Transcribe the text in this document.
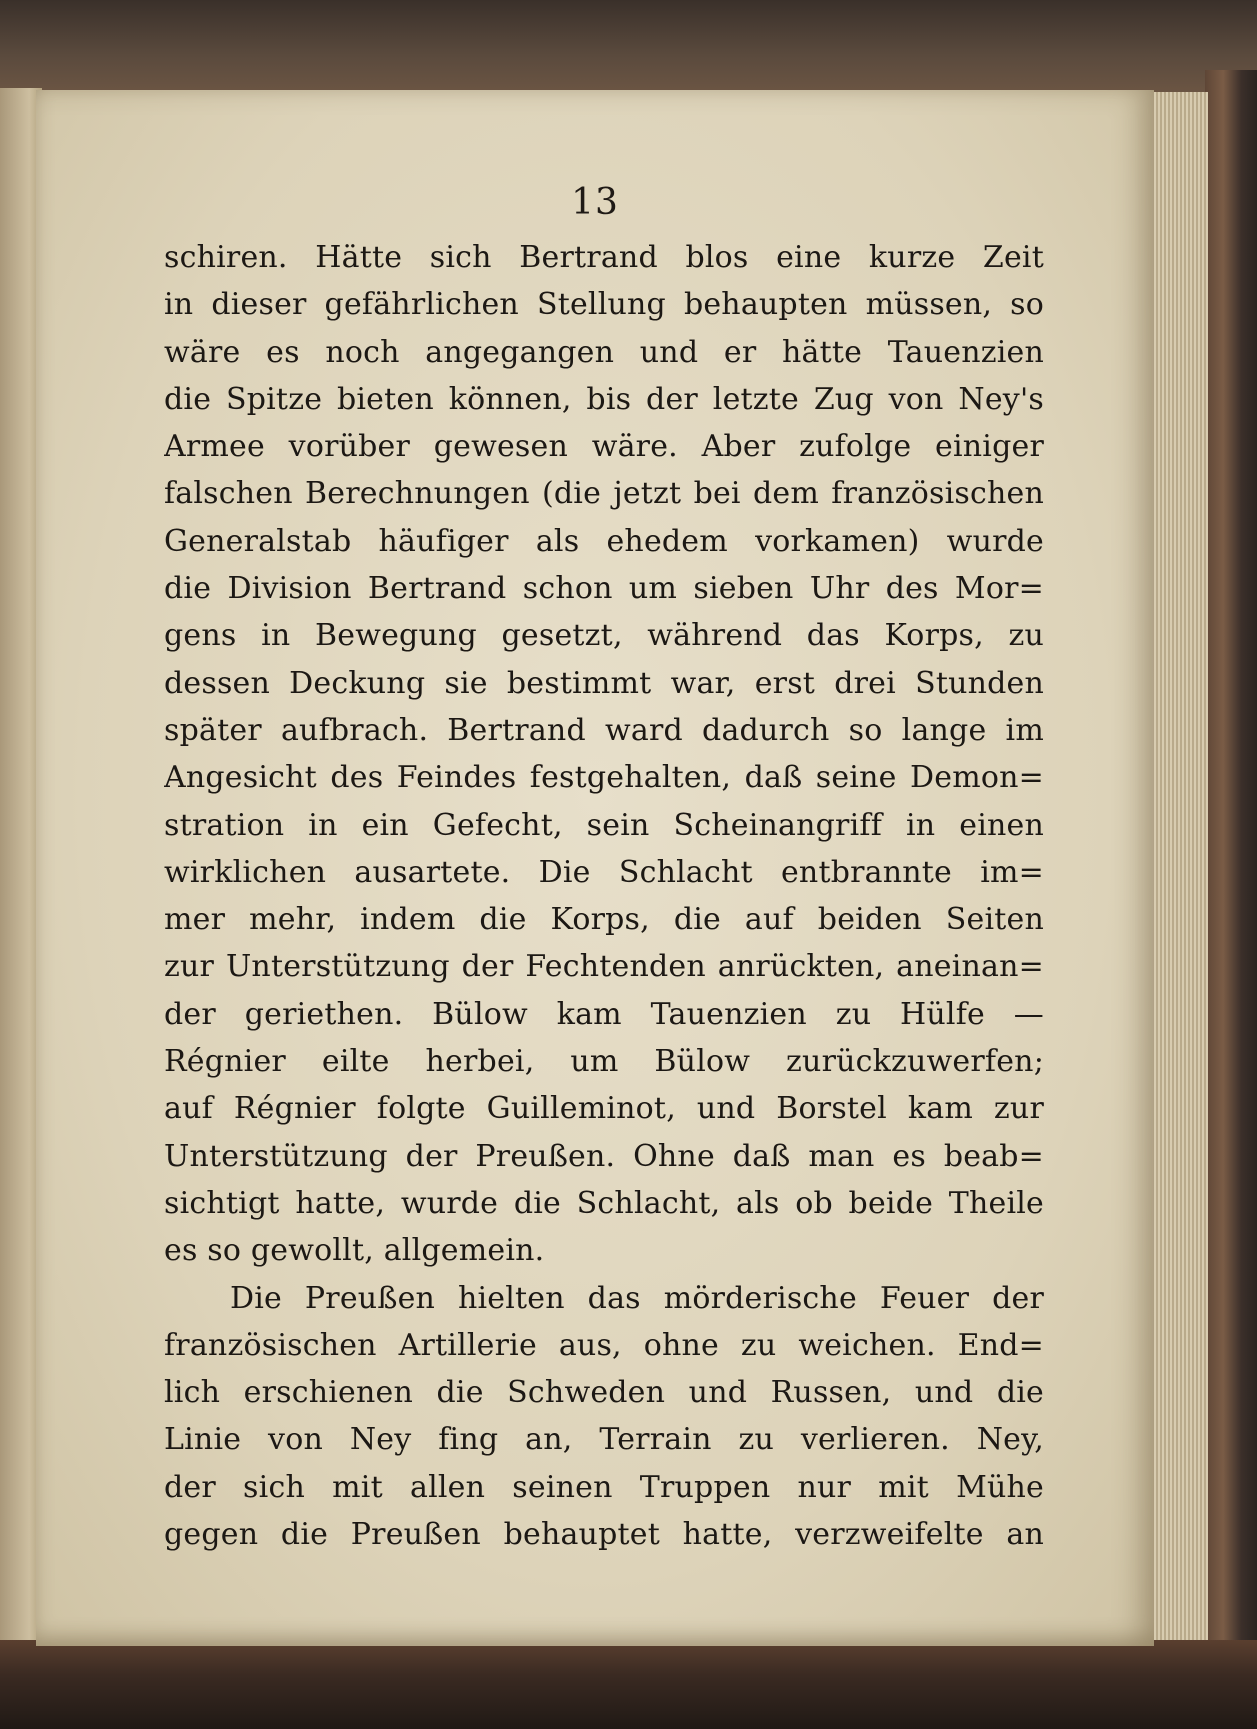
13
schiren. Hätte sich Bertrand blos eine kurze Zeit
in dieser gefährlichen Stellung behaupten müssen, so
wäre es noch angegangen und er hätte Tauenzien
die Spitze bieten können, bis der letzte Zug von Ney's
Armee vorüber gewesen wäre. Aber zufolge einiger
falschen Berechnungen (die jetzt bei dem französischen
Generalstab häufiger als ehedem vorkamen) wurde
die Division Bertrand schon um sieben Uhr des Mor=
gens in Bewegung gesetzt, während das Korps, zu
dessen Deckung sie bestimmt war, erst drei Stunden
später aufbrach. Bertrand ward dadurch so lange im
Angesicht des Feindes festgehalten, daß seine Demon=
stration in ein Gefecht, sein Scheinangriff in einen
wirklichen ausartete. Die Schlacht entbrannte im=
mer mehr, indem die Korps, die auf beiden Seiten
zur Unterstützung der Fechtenden anrückten, aneinan=
der geriethen. Bülow kam Tauenzien zu Hülfe —
Régnier eilte herbei, um Bülow zurückzuwerfen;
auf Régnier folgte Guilleminot, und Borstel kam zur
Unterstützung der Preußen. Ohne daß man es beab=
sichtigt hatte, wurde die Schlacht, als ob beide Theile
es so gewollt, allgemein.
Die Preußen hielten das mörderische Feuer der
französischen Artillerie aus, ohne zu weichen. End=
lich erschienen die Schweden und Russen, und die
Linie von Ney fing an, Terrain zu verlieren. Ney,
der sich mit allen seinen Truppen nur mit Mühe
gegen die Preußen behauptet hatte, verzweifelte an
